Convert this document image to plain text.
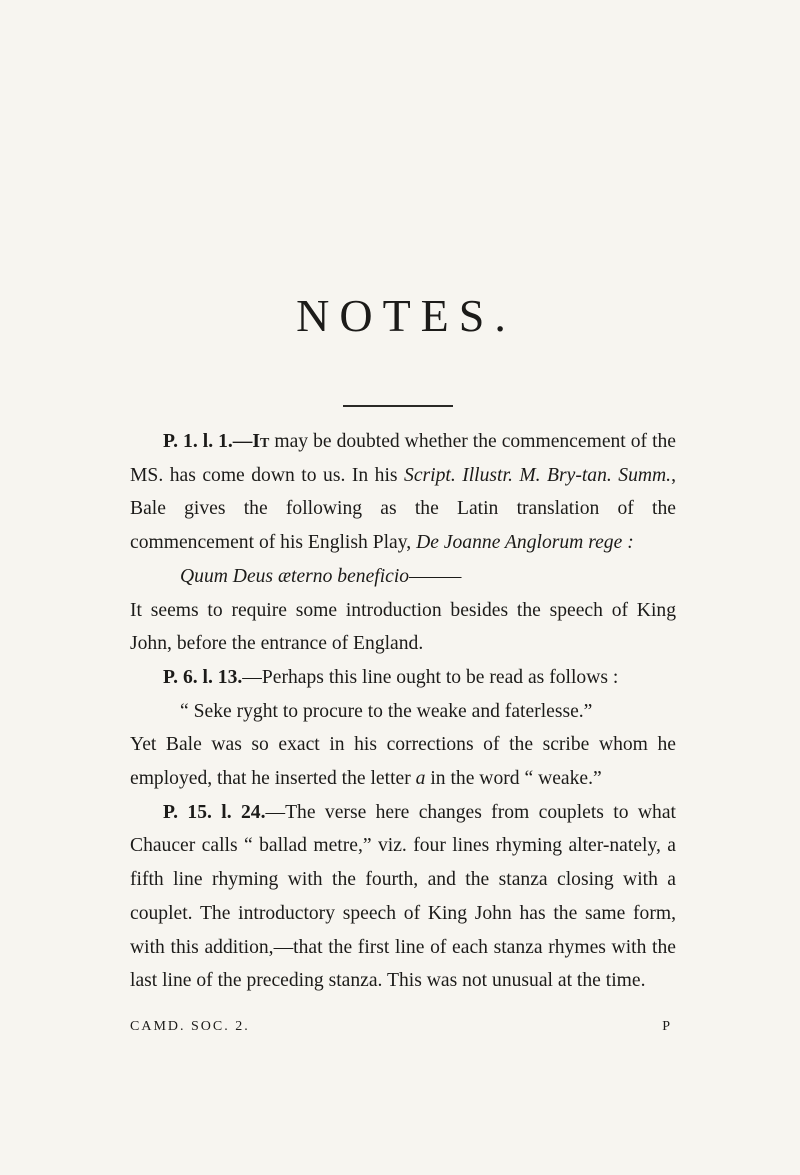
NOTES.

P. 1. l. 1.—It may be doubted whether the commencement of the MS. has come down to us. In his Script. Illustr. M. Bry-tan. Summ., Bale gives the following as the Latin translation of the commencement of his English Play, De Joanne Anglorum rege :

Quum Deus æterno beneficio———

It seems to require some introduction besides the speech of King John, before the entrance of England.

P. 6. l. 13.—Perhaps this line ought to be read as follows :

“ Seke ryght to procure to the weake and faterlesse.”

Yet Bale was so exact in his corrections of the scribe whom he employed, that he inserted the letter a in the word “ weake.”

P. 15. l. 24.—The verse here changes from couplets to what Chaucer calls “ ballad metre,” viz. four lines rhyming alter-nately, a fifth line rhyming with the fourth, and the stanza closing with a couplet. The introductory speech of King John has the same form, with this addition,—that the first line of each stanza rhymes with the last line of the preceding stanza. This was not unusual at the time.

CAMD. SOC. 2.	P
